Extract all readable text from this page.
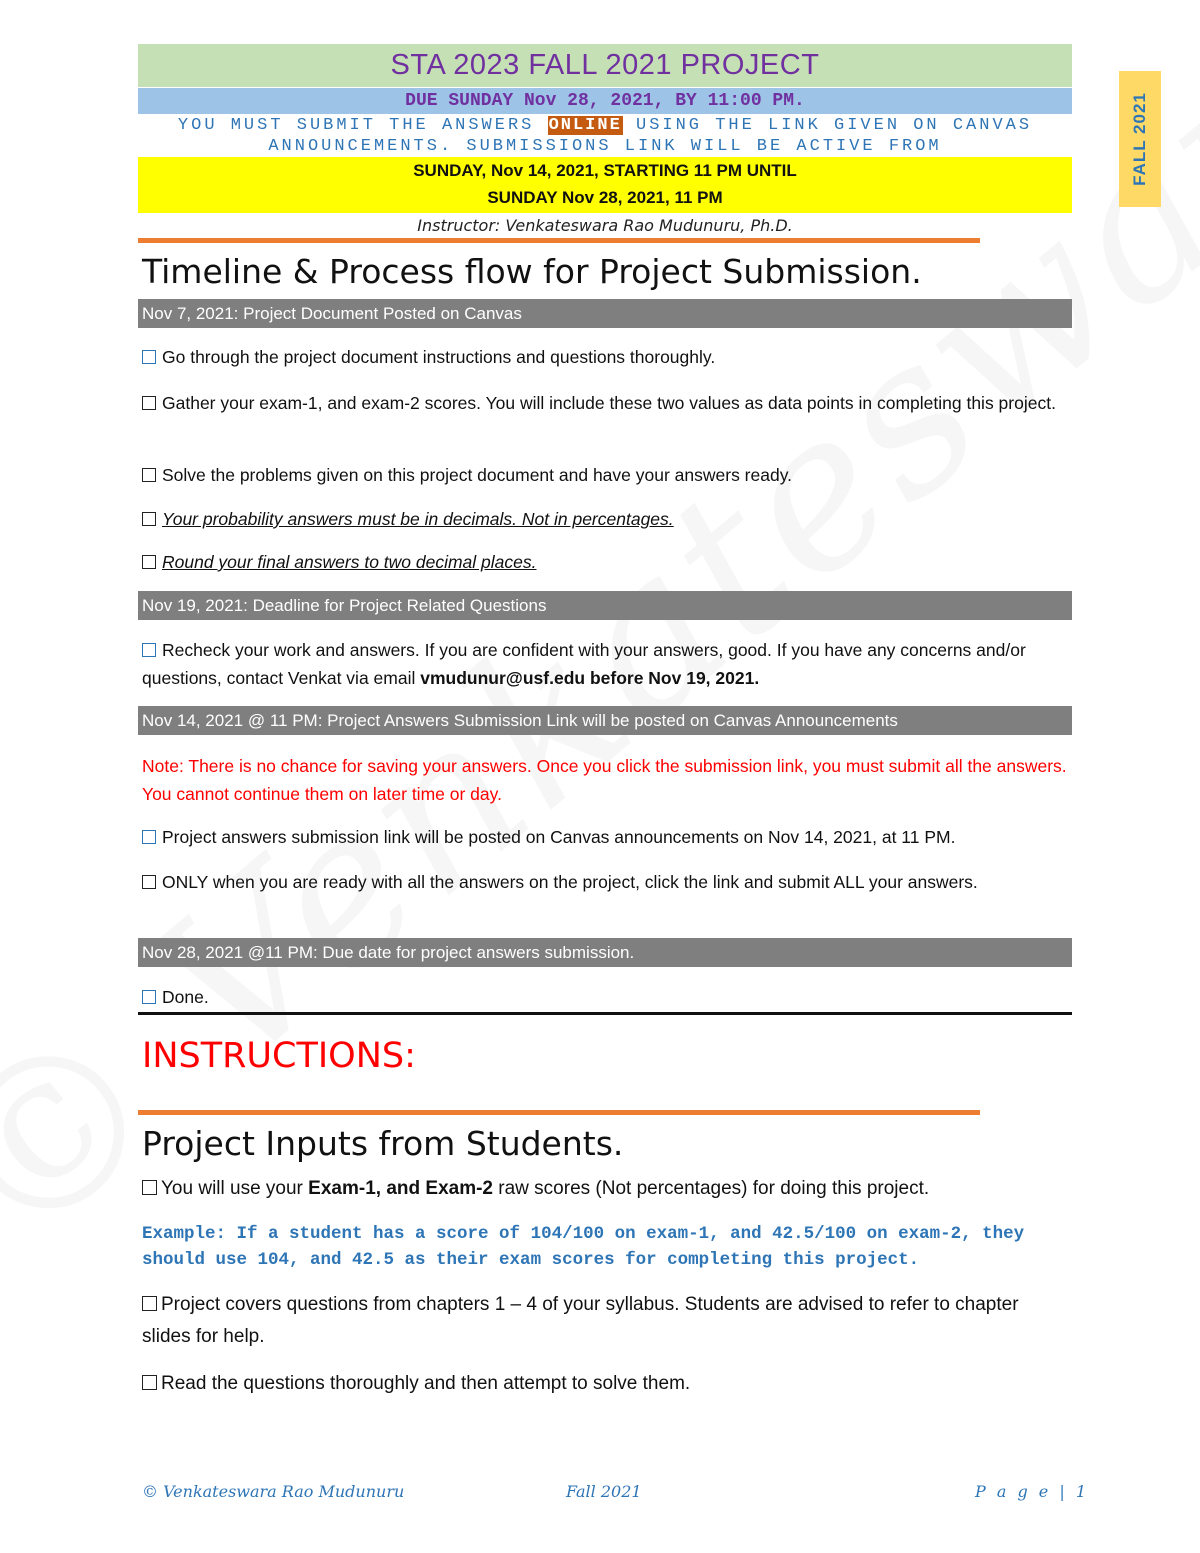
STA 2023 FALL 2021 PROJECT
DUE SUNDAY Nov 28, 2021, BY 11:00 PM.
YOU MUST SUBMIT THE ANSWERS ONLINE USING THE LINK GIVEN ON CANVAS
ANNOUNCEMENTS. SUBMISSIONS LINK WILL BE ACTIVE FROM
SUNDAY, Nov 14, 2021, STARTING 11 PM UNTIL
SUNDAY Nov 28, 2021, 11 PM
Instructor: Venkateswara Rao Mudunuru, Ph.D.
FALL 2021
Timeline & Process flow for Project Submission.
Nov 7, 2021: Project Document Posted on Canvas
Go through the project document instructions and questions thoroughly.
Gather your exam-1, and exam-2 scores. You will include these two values as data points in completing this project.
Solve the problems given on this project document and have your answers ready.
Your probability answers must be in decimals. Not in percentages.
Round your final answers to two decimal places.
Nov 19, 2021: Deadline for Project Related Questions
Recheck your work and answers. If you are confident with your answers, good. If you have any concerns and/or questions, contact Venkat via email vmudunur@usf.edu before Nov 19, 2021.
Nov 14, 2021 @ 11 PM: Project Answers Submission Link will be posted on Canvas Announcements
Note: There is no chance for saving your answers. Once you click the submission link, you must submit all the answers. You cannot continue them on later time or day.
Project answers submission link will be posted on Canvas announcements on Nov 14, 2021, at 11 PM.
ONLY when you are ready with all the answers on the project, click the link and submit ALL your answers.
Nov 28, 2021 @11 PM: Due date for project answers submission.
Done.
INSTRUCTIONS:
Project Inputs from Students.
You will use your Exam-1, and Exam-2 raw scores (Not percentages) for doing this project.
Example: If a student has a score of 104/100 on exam-1, and 42.5/100 on exam-2, they should use 104, and 42.5 as their exam scores for completing this project.
Project covers questions from chapters 1 – 4 of your syllabus. Students are advised to refer to chapter slides for help.
Read the questions thoroughly and then attempt to solve them.
© Venkateswara Rao Mudunuru	Fall 2021	P a g e | 1
